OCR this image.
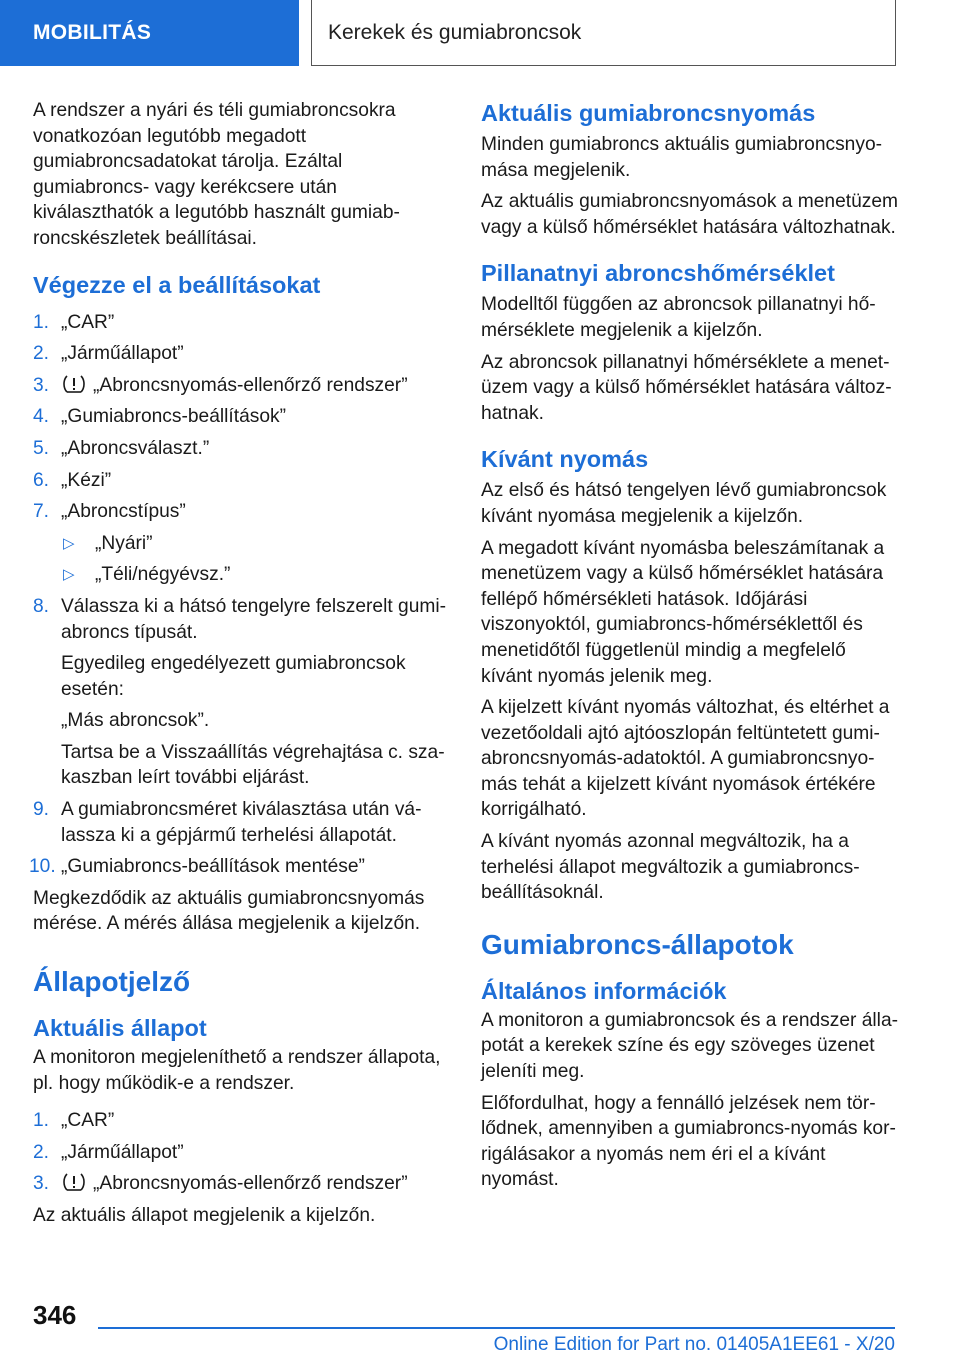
MOBILITÁS	Kerekek és gumiabroncsok

A rendszer a nyári és téli gumiabroncsokra vonatkozóan legutóbb megadott gumiabroncsadatokat tárolja. Ezáltal gumiabroncs- vagy kerékcsere után kiválaszthatók a legutóbb használt gumiabroncskészletek beállításai.

Végezze el a beállításokat
1. „CAR”
2. „Járműállapot”
3. „Abroncsnyomás-ellenőrző rendszer”
4. „Gumiabroncs-beállítások”
5. „Abroncsválaszt.”
6. „Kézi”
7. „Abroncstípus”
▷ „Nyári”
▷ „Téli/négyévsz.”
8. Válassza ki a hátsó tengelyre felszerelt gumiabroncs típusát.
Egyedileg engedélyezett gumiabroncsok esetén:
„Más abroncsok”.
Tartsa be a Visszaállítás végrehajtása c. szakaszban leírt további eljárást.
9. A gumiabroncsméret kiválasztása után válassza ki a gépjármű terhelési állapotát.
10. „Gumiabroncs-beállítások mentése”

Megkezdődik az aktuális gumiabroncsnyomás mérése. A mérés állása megjelenik a kijelzőn.

Állapotjelző
Aktuális állapot

A monitoron megjeleníthető a rendszer állapota, pl. hogy működik-e a rendszer.

1. „CAR”
2. „Járműállapot”
3. „Abroncsnyomás-ellenőrző rendszer”

Az aktuális állapot megjelenik a kijelzőn.

Aktuális gumiabroncsnyomás

Minden gumiabroncs aktuális gumiabroncsnyomása megjelenik.

Az aktuális gumiabroncsnyomások a menetüzem vagy a külső hőmérséklet hatására változhatnak.

Pillanatnyi abroncshőmérséklet

Modelltől függően az abroncsok pillanatnyi hőmérséklete megjelenik a kijelzőn.

Az abroncsok pillanatnyi hőmérséklete a menetüzem vagy a külső hőmérséklet hatására változhatnak.

Kívánt nyomás

Az első és hátsó tengelyen lévő gumiabroncsok kívánt nyomása megjelenik a kijelzőn.

A megadott kívánt nyomásba beleszámítanak a menetüzem vagy a külső hőmérséklet hatására fellépő hőmérsékleti hatások. Időjárási viszonyoktól, gumiabroncs-hőmérséklettől és menetidőtől függetlenül mindig a megfelelő kívánt nyomás jelenik meg.

A kijelzett kívánt nyomás változhat, és eltérhet a vezetőoldali ajtó ajtóoszlopán feltüntetett gumiabroncsnyomás-adatoktól. A gumiabroncsnyomás tehát a kijelzett kívánt nyomások értékére korrigálható.

A kívánt nyomás azonnal megváltozik, ha a terhelési állapot megváltozik a gumiabroncs-beállításoknál.

Gumiabroncs-állapotok
Általános információk

A monitoron a gumiabroncsok és a rendszer állapotát a kerekek színe és egy szöveges üzenet jeleníti meg.

Előfordulhat, hogy a fennálló jelzések nem törlődnek, amennyiben a gumiabroncs-nyomás korrigálásakor a nyomás nem éri el a kívánt nyomást.

346
Online Edition for Part no. 01405A1EE61 - X/20
